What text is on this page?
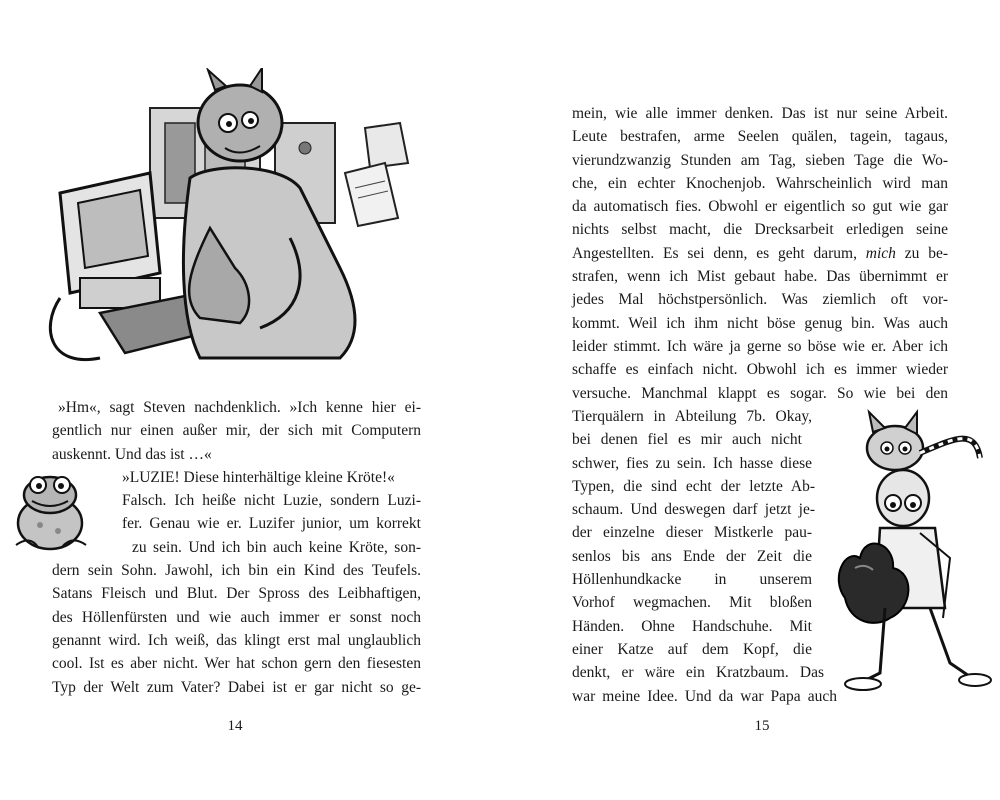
»Hm«, sagt Steven nachdenklich. »Ich kenne hier ei-
gentlich nur einen außer mir, der sich mit Computern
auskennt. Und das ist …«
»LUZIE! Diese hinterhältige kleine Kröte!«
Falsch. Ich heiße nicht Luzie, sondern Luzi-
fer. Genau wie er. Luzifer junior, um korrekt
zu sein. Und ich bin auch keine Kröte, son-
dern sein Sohn. Jawohl, ich bin ein Kind des Teufels.
Satans Fleisch und Blut. Der Spross des Leibhaftigen,
des Höllenfürsten und wie auch immer er sonst noch
genannt wird. Ich weiß, das klingt erst mal unglaublich
cool. Ist es aber nicht. Wer hat schon gern den fiesesten
Typ der Welt zum Vater? Dabei ist er gar nicht so ge-
14
mein, wie alle immer denken. Das ist nur seine Arbeit.
Leute bestrafen, arme Seelen quälen, tagein, tagaus,
vierundzwanzig Stunden am Tag, sieben Tage die Wo-
che, ein echter Knochenjob. Wahrscheinlich wird man
da automatisch fies. Obwohl er eigentlich so gut wie gar
nichts selbst macht, die Drecksarbeit erledigen seine
Angestellten. Es sei denn, es geht darum, mich zu be-
strafen, wenn ich Mist gebaut habe. Das übernimmt er
jedes Mal höchstpersönlich. Was ziemlich oft vor-
kommt. Weil ich ihm nicht böse genug bin. Was auch
leider stimmt. Ich wäre ja gerne so böse wie er. Aber ich
schaffe es einfach nicht. Obwohl ich es immer wieder
versuche. Manchmal klappt es sogar. So wie bei den
Tierquälern in Abteilung 7b. Okay,
bei denen fiel es mir auch nicht
schwer, fies zu sein. Ich hasse diese
Typen, die sind echt der letzte Ab-
schaum. Und deswegen darf jetzt je-
der einzelne dieser Mistkerle pau-
senlos bis ans Ende der Zeit die
Höllenhundkacke in unserem
Vorhof wegmachen. Mit bloßen
Händen. Ohne Handschuhe. Mit
einer Katze auf dem Kopf, die
denkt, er wäre ein Kratzbaum. Das
war meine Idee. Und da war Papa auch
15
